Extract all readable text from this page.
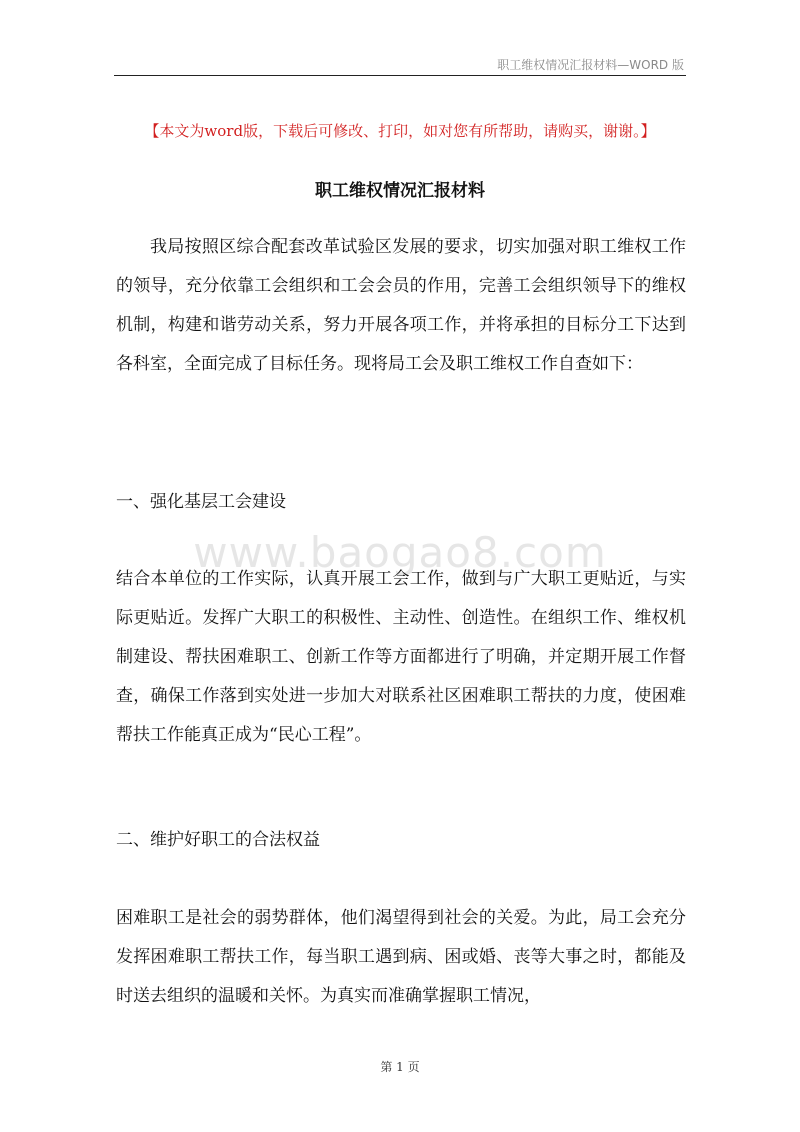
职工维权情况汇报材料—WORD 版
【本文为word版，下载后可修改、打印，如对您有所帮助，请购买，谢谢。】
职工维权情况汇报材料

我局按照区综合配套改革试验区发展的要求，切实加强对职工维权工作的领导，充分依靠工会组织和工会会员的作用，完善工会组织领导下的维权机制，构建和谐劳动关系，努力开展各项工作，并将承担的目标分工下达到各科室，全面完成了目标任务。现将局工会及职工维权工作自查如下：

一、强化基层工会建设
www.baogao8.com

结合本单位的工作实际，认真开展工会工作，做到与广大职工更贴近，与实际更贴近。发挥广大职工的积极性、主动性、创造性。在组织工作、维权机制建设、帮扶困难职工、创新工作等方面都进行了明确，并定期开展工作督查，确保工作落到实处进一步加大对联系社区困难职工帮扶的力度，使困难帮扶工作能真正成为“民心工程”。

二、维护好职工的合法权益

困难职工是社会的弱势群体，他们渴望得到社会的关爱。为此，局工会充分发挥困难职工帮扶工作，每当职工遇到病、困或婚、丧等大事之时，都能及时送去组织的温暖和关怀。为真实而准确掌握职工情况，

第 1 页
